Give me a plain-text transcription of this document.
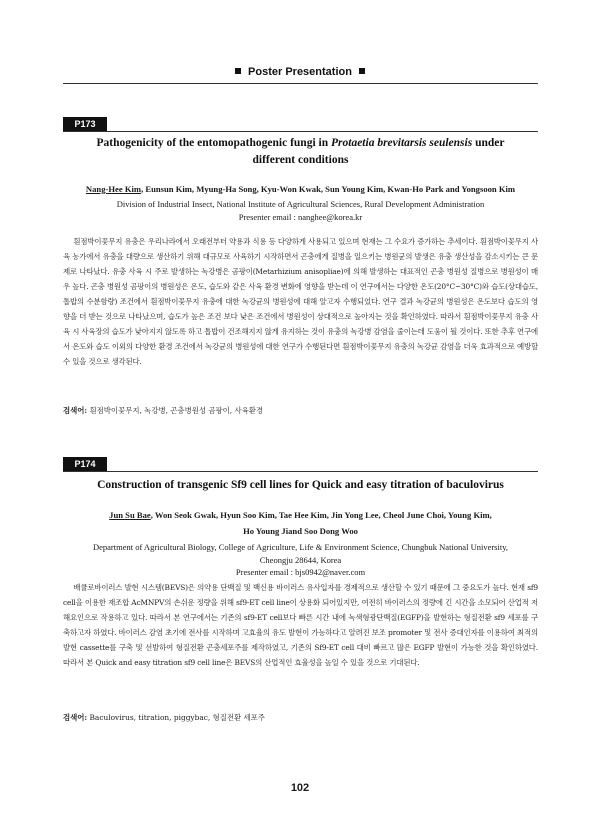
Poster Presentation
P173
Pathogenicity of the entomopathogenic fungi in Protaetia brevitarsis seulensis under
different conditions
Nang-Hee Kim, Eunsun Kim, Myung-Ha Song, Kyu-Won Kwak, Sun Young Kim, Kwan-Ho Park and Yongsoon Kim
Division of Industrial Insect, National Institute of Agricultural Sciences, Rural Development Administration
Presenter email : nanghee@korea.kr
흰점박이꽃무지 유충은 우리나라에서 오래전부터 약용과 식용 등 다양하게 사용되고 있으며 현재는 그 수요가 증가하는 추세이다. 흰점박이꽃무지 사육 농가에서 유충을 대량으로 생산하기 위해 대규모로 사육하기 시작하면서 곤충에게 질병을 일으키는 병원균의 발생은 유충 생산성을 감소시키는 큰 문제로 나타났다. 유충 사육 시 주로 발생하는 녹강병은 곰팡이(Metarhizium anisopliae)에 의해 발생하는 대표적인 곤충 병원성 질병으로 병원성이 매우 높다. 곤충 병원성 곰팡이의 병원성은 온도, 습도와 같은 사육 환경 변화에 영향을 받는데 이 연구에서는 다양한 온도(20°C~30°C)와 습도(상대습도, 톱밥의 수분함량) 조건에서 흰점박이꽃무지 유충에 대한 녹강균의 병원성에 대해 알고자 수행되었다. 연구 결과 녹강균의 병원성은 온도보다 습도의 영향을 더 받는 것으로 나타났으며, 습도가 높은 조건 보다 낮은 조건에서 병원성이 상대적으로 높아지는 것을 확인하였다. 따라서 흰점박이꽃무지 유충 사육 시 사육장의 습도가 낮아지지 않도록 하고 톱밥이 건조해지지 않게 유지하는 것이 유충의 녹강병 감염을 줄이는데 도움이 될 것이다. 또한 추후 연구에서 온도와 습도 이외의 다양한 환경 조건에서 녹강균의 병원성에 대한 연구가 수행된다면 흰점박이꽃무지 유충의 녹강균 감염을 더욱 효과적으로 예방할 수 있을 것으로 생각된다.
검색어: 흰점박이꽃무지, 녹강병, 곤충병원성 곰팡이, 사육환경
P174
Construction of transgenic Sf9 cell lines for Quick and easy titration of baculovirus
Jun Su Bae, Won Seok Gwak, Hyun Soo Kim, Tae Hee Kim, Jin Yong Lee, Cheol June Choi, Young Kim,
Ho Young Jiand Soo Dong Woo
Department of Agricultural Biology, College of Agriculture, Life & Environment Science, Chungbuk National University,
Cheongju 28644, Korea
Presenter email : bjs0942@naver.com
배큘로바이러스 발현 시스템(BEVS)은 의약용 단백질 및 백신용 바이러스 유사입자를 경제적으로 생산할 수 있기 때문에 그 중요도가 높다. 현재 sf9 cell을 이용한 재조합 AcMNPV의 손쉬운 정량을 위해 sf9-ET cell line이 상용화 되어있지만, 여전히 바이러스의 정량에 긴 시간을 소모되어 산업적 저해요인으로 작용하고 있다. 따라서 본 연구에서는 기존의 sf9-ET cell보다 빠른 시간 내에 녹색형광단백질(EGFP)을 발현하는 형질전환 sf9 세포를 구축하고자 하였다. 바이러스 감염 초기에 전사를 시작하며 고효율의 유도 발현이 가능하다고 알려진 보조 promoter 및 전사 증대인자를 이용하여 최적의 발현 cassette를 구축 및 선발하여 형질전환 곤충세포주를 제작하였고, 기존의 Sf9-ET cell 대비 빠르고 많은 EGFP 발현이 가능한 것을 확인하였다. 따라서 본 Quick and easy titration sf9 cell line은 BEVS의 산업적인 효율성을 높일 수 있을 것으로 기대된다.
검색어: Baculovirus, titration, piggybac, 형질전환 세포주
102
